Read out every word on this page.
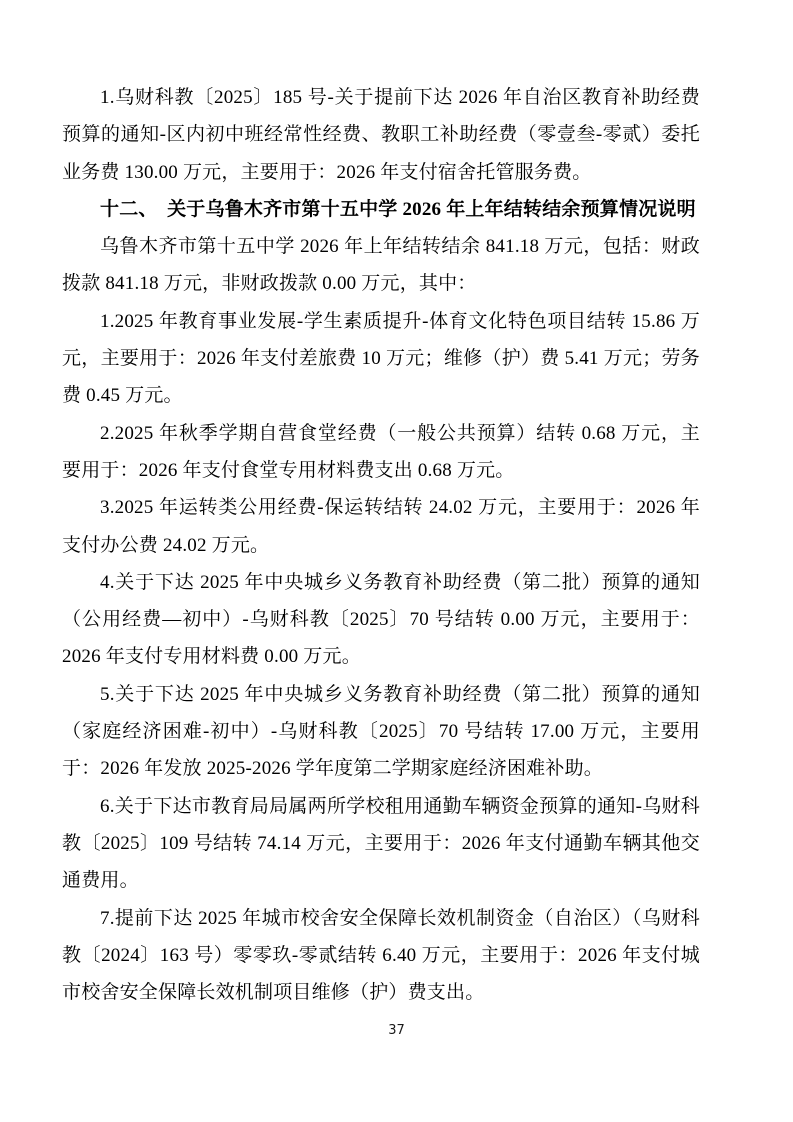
1.乌财科教〔2025〕185 号-关于提前下达 2026 年自治区教育补助经费预算的通知-区内初中班经常性经费、教职工补助经费（零壹叁-零贰）委托业务费 130.00 万元，主要用于：2026 年支付宿舍托管服务费。
十二、 关于乌鲁木齐市第十五中学 2026 年上年结转结余预算情况说明
乌鲁木齐市第十五中学 2026 年上年结转结余 841.18 万元，包括：财政拨款 841.18 万元，非财政拨款 0.00 万元，其中：
1.2025 年教育事业发展-学生素质提升-体育文化特色项目结转 15.86 万元，主要用于：2026 年支付差旅费 10 万元；维修（护）费 5.41 万元；劳务费 0.45 万元。
2.2025 年秋季学期自营食堂经费（一般公共预算）结转 0.68 万元，主要用于：2026 年支付食堂专用材料费支出 0.68 万元。
3.2025 年运转类公用经费-保运转结转 24.02 万元，主要用于：2026 年支付办公费 24.02 万元。
4.关于下达 2025 年中央城乡义务教育补助经费（第二批）预算的通知（公用经费—初中）-乌财科教〔2025〕70 号结转 0.00 万元，主要用于：2026 年支付专用材料费 0.00 万元。
5.关于下达 2025 年中央城乡义务教育补助经费（第二批）预算的通知（家庭经济困难-初中）-乌财科教〔2025〕70 号结转 17.00 万元，主要用于：2026 年发放 2025-2026 学年度第二学期家庭经济困难补助。
6.关于下达市教育局局属两所学校租用通勤车辆资金预算的通知-乌财科教〔2025〕109 号结转 74.14 万元，主要用于：2026 年支付通勤车辆其他交通费用。
7.提前下达 2025 年城市校舍安全保障长效机制资金（自治区）（乌财科教〔2024〕163 号）零零玖-零贰结转 6.40 万元，主要用于：2026 年支付城市校舍安全保障长效机制项目维修（护）费支出。
37
